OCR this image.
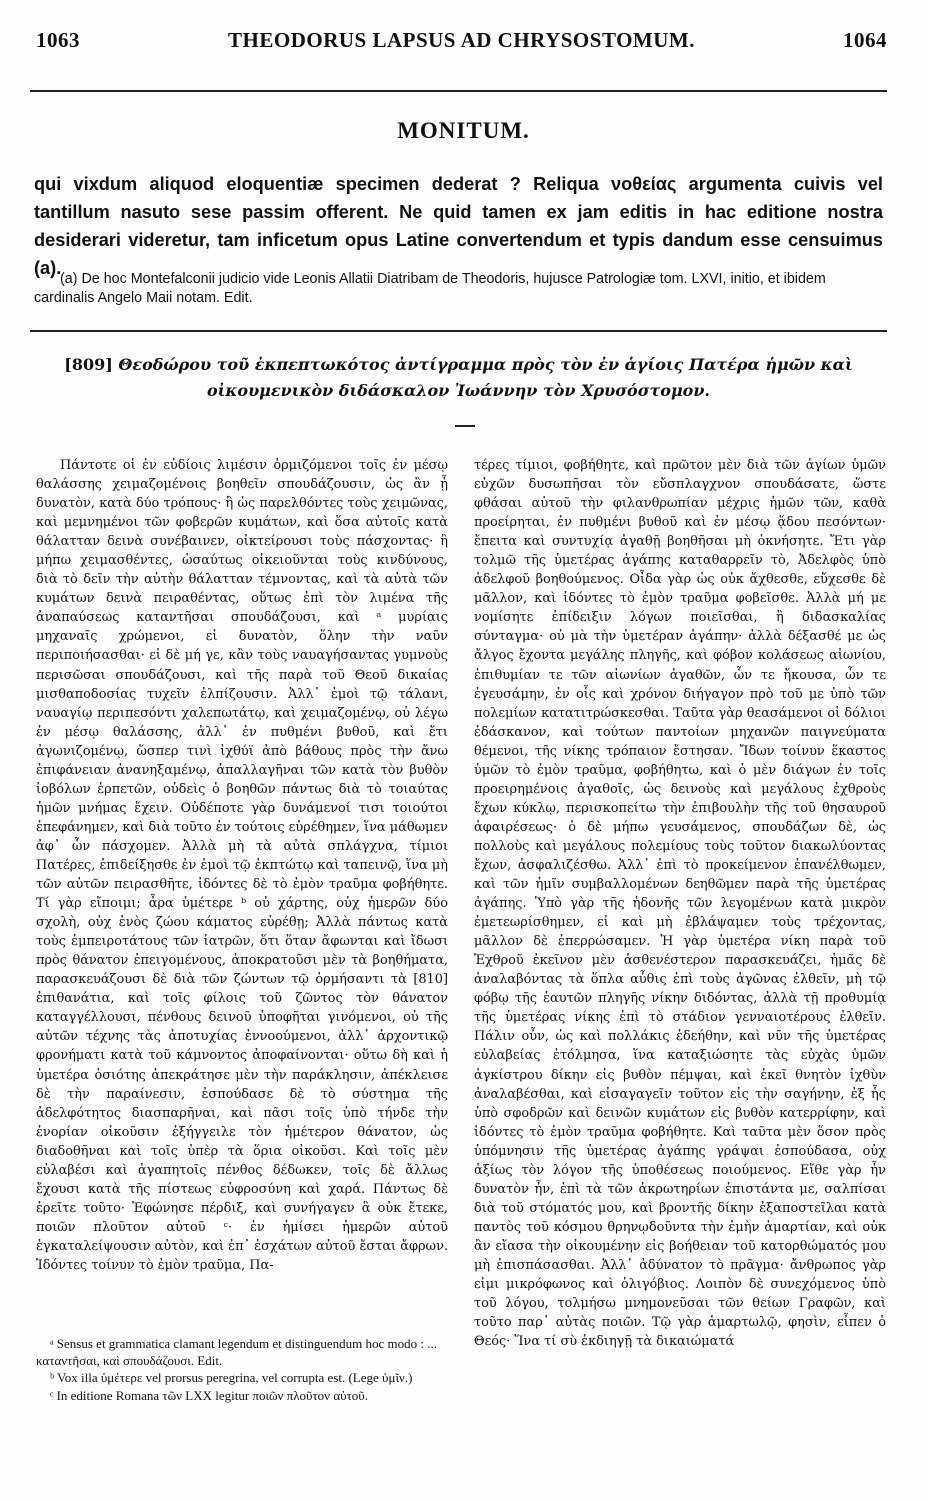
1063	THEODORUS LAPSUS AD CHRYSOSTOMUM.	1064
MONITUM.

qui vixdum aliquod eloquentiæ specimen dederat ? Reliqua νοθείας argumenta cuivis vel tantillum nasuto sese passim offerent. Ne quid tamen ex jam editis in hac editione nostra desiderari videretur, tam inficetum opus Latine convertendum et typis dandum esse censuimus (a).

(a) De hoc Montefalconii judicio vide Leonis Allatii Diatribam de Theodoris, hujusce Patrologiæ tom. LXVI, initio, et ibidem cardinalis Angelo Maii notam. Edit.

[809] Θεοδώρου τοῦ ἐκπεπτωκότος ἀντίγραμμα πρὸς τὸν ἐν ἁγίοις Πατέρα ἡμῶν καὶ οἰκουμενικὸν διδάσκαλον Ἰωάννην τὸν Χρυσόστομον.

Πάντοτε οἱ ἐν εὐδίοις λιμέσιν ὁρμιζόμενοι τοῖς ἐν μέσῳ θαλάσσης χειμαζομένοις βοηθεῖν σπουδάζουσιν, ὡς ἂν ᾖ δυνατὸν, κατὰ δύο τρόπους· ἢ ὡς παρελθόντες τοὺς χειμῶνας, καὶ μεμνημένοι τῶν φοβερῶν κυμάτων, καὶ ὅσα αὐτοῖς κατὰ θάλατταν δεινὰ συνέβαινεν, οἰκτείρουσι τοὺς πάσχοντας· ἢ μήπω χειμασθέντες, ὡσαύτως οἰκειοῦνται τοὺς κινδύνους, διὰ τὸ δεῖν τὴν αὐτὴν θάλατταν τέμνοντας, καὶ τὰ αὐτὰ τῶν κυμάτων δεινὰ πειραθέντας, οὕτως ἐπὶ τὸν λιμένα τῆς ἀναπαύσεως καταντῆσαι σπουδάζουσι, καὶ ᵃ μυρίαις μηχαναῖς χρώμενοι, εἰ δυνατὸν, ὅλην τὴν ναῦν περιποιήσασθαι· εἰ δὲ μή γε, κἂν τοὺς ναυαγήσαντας γυμνοὺς περισῶσαι σπουδάζουσι, καὶ τῆς παρὰ τοῦ Θεοῦ δικαίας μισθαποδοσίας τυχεῖν ἐλπίζουσιν. Ἀλλ᾽ ἐμοὶ τῷ τάλανι, ναυαγίῳ περιπεσόντι χαλεπωτάτῳ, καὶ χειμαζομένῳ, οὐ λέγω ἐν μέσῳ θαλάσσης, ἀλλ᾽ ἐν πυθμένι βυθοῦ, καὶ ἔτι ἀγωνιζομένῳ, ὥσπερ τινὶ ἰχθύϊ ἀπὸ βάθους πρὸς τὴν ἄνω ἐπιφάνειαν ἀνανηξαμένῳ, ἀπαλλαγῆναι τῶν κατὰ τὸν βυθὸν ἰοβόλων ἑρπετῶν, οὐδεὶς ὁ βοηθῶν πάντως διὰ τὸ τοιαύτας ἡμῶν μνήμας ἔχειν. Οὐδέποτε γὰρ δυνάμενοί τισι τοιούτοι ἐπεφάνημεν, καὶ διὰ τοῦτο ἐν τούτοις εὑρέθημεν, ἵνα μάθωμεν ἀφ᾽ ὧν πάσχομεν. Ἀλλὰ μὴ τὰ αὐτὰ σπλάγχνα, τίμιοι Πατέρες, ἐπιδείξησθε ἐν ἐμοὶ τῷ ἐκπτώτῳ καὶ ταπεινῷ, ἵνα μὴ τῶν αὐτῶν πειρασθῆτε, ἰδόντες δὲ τὸ ἐμὸν τραῦμα φοβήθητε. Τί γὰρ εἴποιμι; ἆρα ὑμέτερε ᵇ οὐ χάρτης, οὐχ ἡμερῶν δύο σχολὴ, οὐχ ἑνὸς ζώου κάματος εὑρέθῃ; Ἀλλὰ πάντως κατὰ τοὺς ἐμπειροτάτους τῶν ἰατρῶν, ὅτι ὅταν ἄφωνται καὶ ἴδωσι πρὸς θάνατον ἐπειγομένους, ἀποκρατοῦσι μὲν τὰ βοηθήματα, παρασκευάζουσι δὲ διὰ τῶν ζώντων τῷ ὁρμήσαντι τὰ [810] ἐπιθανάτια, καὶ τοῖς φίλοις τοῦ ζῶντος τὸν θάνατον καταγγέλλουσι, πένθους δεινοῦ ὑποφῆται γινόμενοι, οὐ τῆς αὐτῶν τέχνης τὰς ἀποτυχίας ἐννοούμενοι, ἀλλ᾽ ἀρχοντικῷ φρονήματι κατὰ τοῦ κάμνοντος ἀποφαίνονται· οὕτω δὴ καὶ ἡ ὑμετέρα ὁσιότης ἀπεκράτησε μὲν τὴν παράκλησιν, ἀπέκλεισε δὲ τὴν παραίνεσιν, ἐσπούδασε δὲ τὸ σύστημα τῆς ἀδελφότητος διασπαρῆναι, καὶ πᾶσι τοῖς ὑπὸ τήνδε τὴν ἐνορίαν οἰκοῦσιν ἐξήγγειλε τὸν ἡμέτερον θάνατον, ὡς διαδοθῆναι καὶ τοῖς ὑπὲρ τὰ ὅρια οἰκοῦσι. Καὶ τοῖς μὲν εὐλαβέσι καὶ ἀγαπητοῖς πένθος δέδωκεν, τοῖς δὲ ἄλλως ἔχουσι κατὰ τῆς πίστεως εὐφροσύνη καὶ χαρά. Πάντως δὲ ἐρεῖτε τοῦτο· Ἐφώνησε πέρδιξ, καὶ συνήγαγεν ἃ οὐκ ἔτεκε, ποιῶν πλοῦτον αὐτοῦ ᶜ· ἐν ἡμίσει ἡμερῶν αὐτοῦ ἐγκαταλείψουσιν αὐτὸν, καὶ ἐπ᾽ ἐσχάτων αὐτοῦ ἔσται ἄφρων. Ἰδόντες τοίνυν τὸ ἐμὸν τραῦμα, Πα-

τέρες τίμιοι, φοβήθητε, καὶ πρῶτον μὲν διὰ τῶν ἁγίων ὑμῶν εὐχῶν δυσωπῆσαι τὸν εὔσπλαγχνον σπουδάσατε, ὥστε φθάσαι αὐτοῦ τὴν φιλανθρωπίαν μέχρις ἡμῶν τῶν, καθὰ προείρηται, ἐν πυθμένι βυθοῦ καὶ ἐν μέσῳ ᾅδου πεσόντων· ἔπειτα καὶ συντυχίᾳ ἀγαθῇ βοηθῆσαι μὴ ὀκνήσητε. Ἔτι γὰρ τολμῶ τῆς ὑμετέρας ἀγάπης καταθαρρεῖν τὸ, Ἀδελφὸς ὑπὸ ἀδελφοῦ βοηθούμενος. Οἶδα γὰρ ὡς οὐκ ἄχθεσθε, εὔχεσθε δὲ μᾶλλον, καὶ ἰδόντες τὸ ἐμὸν τραῦμα φοβεῖσθε. Ἀλλὰ μή με νομίσητε ἐπίδειξιν λόγων ποιεῖσθαι, ἢ διδασκαλίας σύνταγμα· οὐ μὰ τὴν ὑμετέραν ἀγάπην· ἀλλὰ δέξασθέ με ὡς ἄλγος ἔχοντα μεγάλης πληγῆς, καὶ φόβον κολάσεως αἰωνίου, ἐπιθυμίαν τε τῶν αἰωνίων ἀγαθῶν, ὧν τε ἤκουσα, ὧν τε ἐγευσάμην, ἐν οἷς καὶ χρόνον διήγαγον πρὸ τοῦ με ὑπὸ τῶν πολεμίων κατατιτρώσκεσθαι. Ταῦτα γὰρ θεασάμενοι οἱ δόλιοι ἐδάσκανον, καὶ τούτων παντοίων μηχανῶν παιγνεύματα θέμενοι, τῆς νίκης τρόπαιον ἔστησαν. Ἴδων τοίνυν ἕκαστος ὑμῶν τὸ ἐμὸν τραῦμα, φοβήθητω, καὶ ὁ μὲν διάγων ἐν τοῖς προειρημένοις ἀγαθοῖς, ὡς δεινοὺς καὶ μεγάλους ἐχθροὺς ἔχων κύκλῳ, περισκοπείτω τὴν ἐπιβουλὴν τῆς τοῦ θησαυροῦ ἀφαιρέσεως· ὁ δὲ μήπω γευσάμενος, σπουδάζων δὲ, ὡς πολλοὺς καὶ μεγάλους πολεμίους τοὺς τοῦτον διακωλύοντας ἔχων, ἀσφαλιζέσθω. Ἀλλ᾽ ἐπὶ τὸ προκείμενον ἐπανέλθωμεν, καὶ τῶν ἡμῖν συμβαλλομένων δεηθῶμεν παρὰ τῆς ὑμετέρας ἀγάπης. Ὑπὸ γὰρ τῆς ἡδονῆς τῶν λεγομένων κατὰ μικρὸν ἐμετεωρίσθημεν, εἰ καὶ μὴ ἐβλάψαμεν τοὺς τρέχοντας, μᾶλλον δὲ ἐπερρώσαμεν. Ἡ γὰρ ὑμετέρα νίκη παρὰ τοῦ Ἐχθροῦ ἐκεῖνον μὲν ἀσθενέστερον παρασκευάζει, ἡμᾶς δὲ ἀναλαβόντας τὰ ὅπλα αὖθις ἐπὶ τοὺς ἀγῶνας ἐλθεῖν, μὴ τῷ φόβῳ τῆς ἑαυτῶν πληγῆς νίκην διδόντας, ἀλλὰ τῇ προθυμίᾳ τῆς ὑμετέρας νίκης ἐπὶ τὸ στάδιον γενναιοτέρους ἐλθεῖν. Πάλιν οὖν, ὡς καὶ πολλάκις ἐδεήθην, καὶ νῦν τῆς ὑμετέρας εὐλαβείας ἐτόλμησα, ἵνα καταξιώσητε τὰς εὐχὰς ὑμῶν ἀγκίστρου δίκην εἰς βυθὸν πέμψαι, καὶ ἐκεῖ θνητὸν ἰχθὺν ἀναλαβέσθαι, καὶ εἰσαγαγεῖν τοῦτον εἰς τὴν σαγήνην, ἐξ ἧς ὑπὸ σφοδρῶν καὶ δεινῶν κυμάτων εἰς βυθὸν κατερρίφην, καὶ ἰδόντες τὸ ἐμὸν τραῦμα φοβήθητε. Καὶ ταῦτα μὲν ὅσον πρὸς ὑπόμνησιν τῆς ὑμετέρας ἀγάπης γράψαι ἐσπούδασα, οὐχ ἀξίως τὸν λόγον τῆς ὑποθέσεως ποιούμενος. Εἴθε γὰρ ἦν δυνατὸν ἦν, ἐπὶ τὰ τῶν ἀκρωτηρίων ἐπιστάντα με, σαλπίσαι διὰ τοῦ στόματός μου, καὶ βροντῆς δίκην ἐξαποστεῖλαι κατὰ παντὸς τοῦ κόσμου θρηνῳδοῦντα τὴν ἐμὴν ἁμαρτίαν, καὶ οὐκ ἂν εἴασα τὴν οἰκουμένην εἰς βοήθειαν τοῦ κατορθώματός μου μὴ ἐπισπάσασθαι. Ἀλλ᾽ ἀδύνατον τὸ πρᾶγμα· ἄνθρωπος γὰρ εἰμι μικρόφωνος καὶ ὀλιγόβιος. Λοιπὸν δὲ συνεχόμενος ὑπὸ τοῦ λόγου, τολμήσω μνημονεῦσαι τῶν θείων Γραφῶν, καὶ τοῦτο παρ᾽ αὐτὰς ποιῶν. Τῷ γὰρ ἁμαρτωλῷ, φησὶν, εἶπεν ὁ Θεός· Ἵνα τί σὺ ἐκδιηγῇ τὰ δικαιώματά

ᵃ Sensus et grammatica clamant legendum et distinguendum hoc modo : ... καταντῆσαι, καὶ σπουδάζουσι. Edit.

ᵇ Vox illa ὑμέτερε vel prorsus peregrina, vel corrupta est. (Lege ὑμῖν.)

ᶜ In editione Romana τῶν LXX legitur ποιῶν πλοῦτον αὐτοῦ.
